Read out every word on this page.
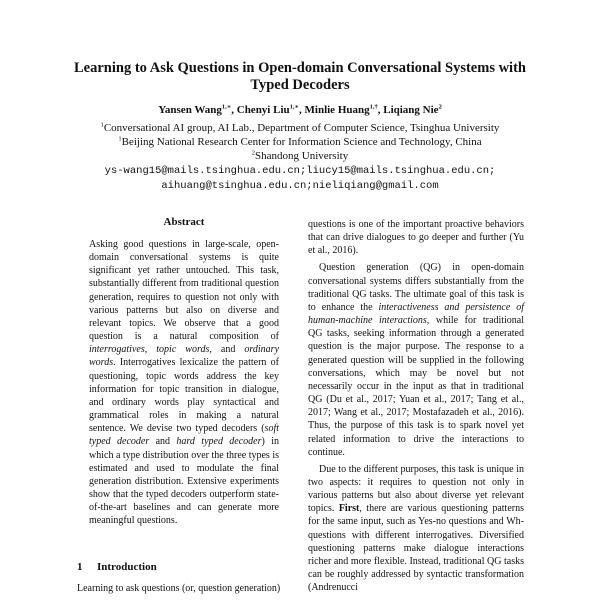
Learning to Ask Questions in Open-domain Conversational Systems with
Typed Decoders
Yansen Wang$^{1,∗}$, Chenyi Liu$^{1,∗}$, Minlie Huang$^{1,\dagger}$, Liqiang Nie$^2$
$^1$Conversational AI group, AI Lab., Department of Computer Science, Tsinghua University
$^1$Beijing National Research Center for Information Science and Technology, China
$^2$Shandong University
ys-wang15@mails.tsinghua.edu.cn;liucy15@mails.tsinghua.edu.cn;
aihuang@tsinghua.edu.cn;nieliqiang@gmail.com
Abstract
Asking good questions in large-scale, open-domain conversational systems is quite significant yet rather untouched. This task, substantially different from traditional question generation, requires to question not only with various patterns but also on diverse and relevant topics. We observe that a good question is a natural composition of interrogatives, topic words, and ordinary words. Interrogatives lexicalize the pattern of questioning, topic words address the key information for topic transition in dialogue, and ordinary words play syntactical and grammatical roles in making a natural sentence. We devise two typed decoders (soft typed decoder and hard typed decoder) in which a type distribution over the three types is estimated and used to modulate the final generation distribution. Extensive experiments show that the typed decoders outperform state-of-the-art baselines and can generate more meaningful questions.
1 Introduction
Learning to ask questions (or, question generation)

questions is one of the important proactive behaviors that can drive dialogues to go deeper and further (Yu et al., 2016).

Question generation (QG) in open-domain conversational systems differs substantially from the traditional QG tasks. The ultimate goal of this task is to enhance the interactiveness and persistence of human-machine interactions, while for traditional QG tasks, seeking information through a generated question is the major purpose. The response to a generated question will be supplied in the following conversations, which may be novel but not necessarily occur in the input as that in traditional QG (Du et al., 2017; Yuan et al., 2017; Tang et al., 2017; Wang et al., 2017; Mostafazadeh et al., 2016). Thus, the purpose of this task is to spark novel yet related information to drive the interactions to continue.

Due to the different purposes, this task is unique in two aspects: it requires to question not only in various patterns but also about diverse yet relevant topics. First, there are various questioning patterns for the same input, such as Yes-no questions and Wh-questions with different interrogatives. Diversified questioning patterns make dialogue interactions richer and more flexible. Instead, traditional QG tasks can be roughly addressed by syntactic transformation (Andrenucci
